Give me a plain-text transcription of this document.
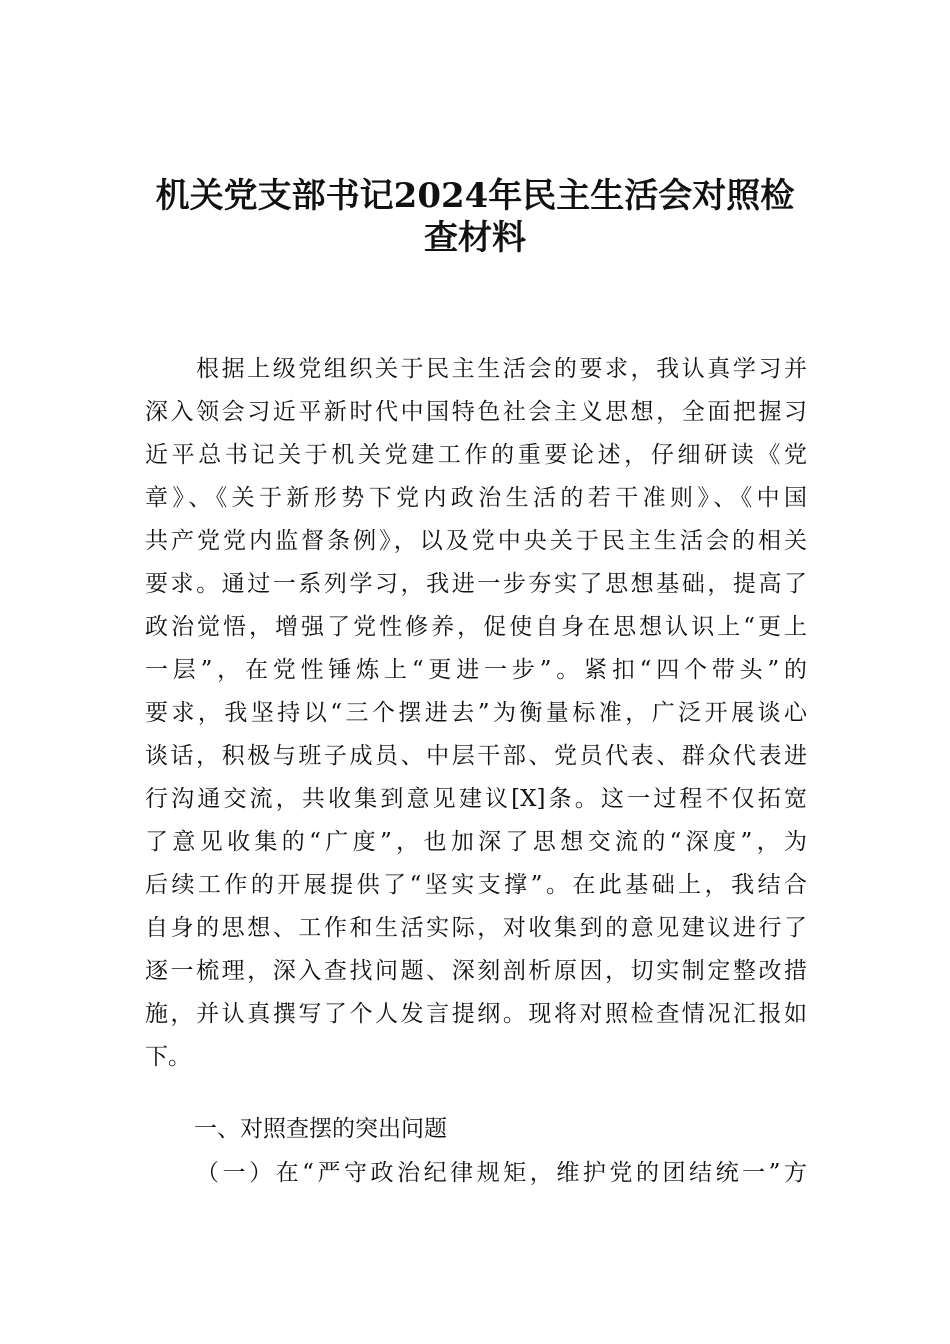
机关党支部书记2024年民主生活会对照检
查材料
根据上级党组织关于民主生活会的要求，我认真学习并
深入领会习近平新时代中国特色社会主义思想，全面把握习
近平总书记关于机关党建工作的重要论述，仔细研读《党
章》、《关于新形势下党内政治生活的若干准则》、《中国
共产党党内监督条例》，以及党中央关于民主生活会的相关
要求。通过一系列学习，我进一步夯实了思想基础，提高了
政治觉悟，增强了党性修养，促使自身在思想认识上“更上
一层”，在党性锤炼上“更进一步”。紧扣“四个带头”的
要求，我坚持以“三个摆进去”为衡量标准，广泛开展谈心
谈话，积极与班子成员、中层干部、党员代表、群众代表进
行沟通交流，共收集到意见建议[X]条。这一过程不仅拓宽
了意见收集的“广度”，也加深了思想交流的“深度”，为
后续工作的开展提供了“坚实支撑”。在此基础上，我结合
自身的思想、工作和生活实际，对收集到的意见建议进行了
逐一梳理，深入查找问题、深刻剖析原因，切实制定整改措
施，并认真撰写了个人发言提纲。现将对照检查情况汇报如
下。
一、对照查摆的突出问题
（一）在“严守政治纪律规矩，维护党的团结统一”方
